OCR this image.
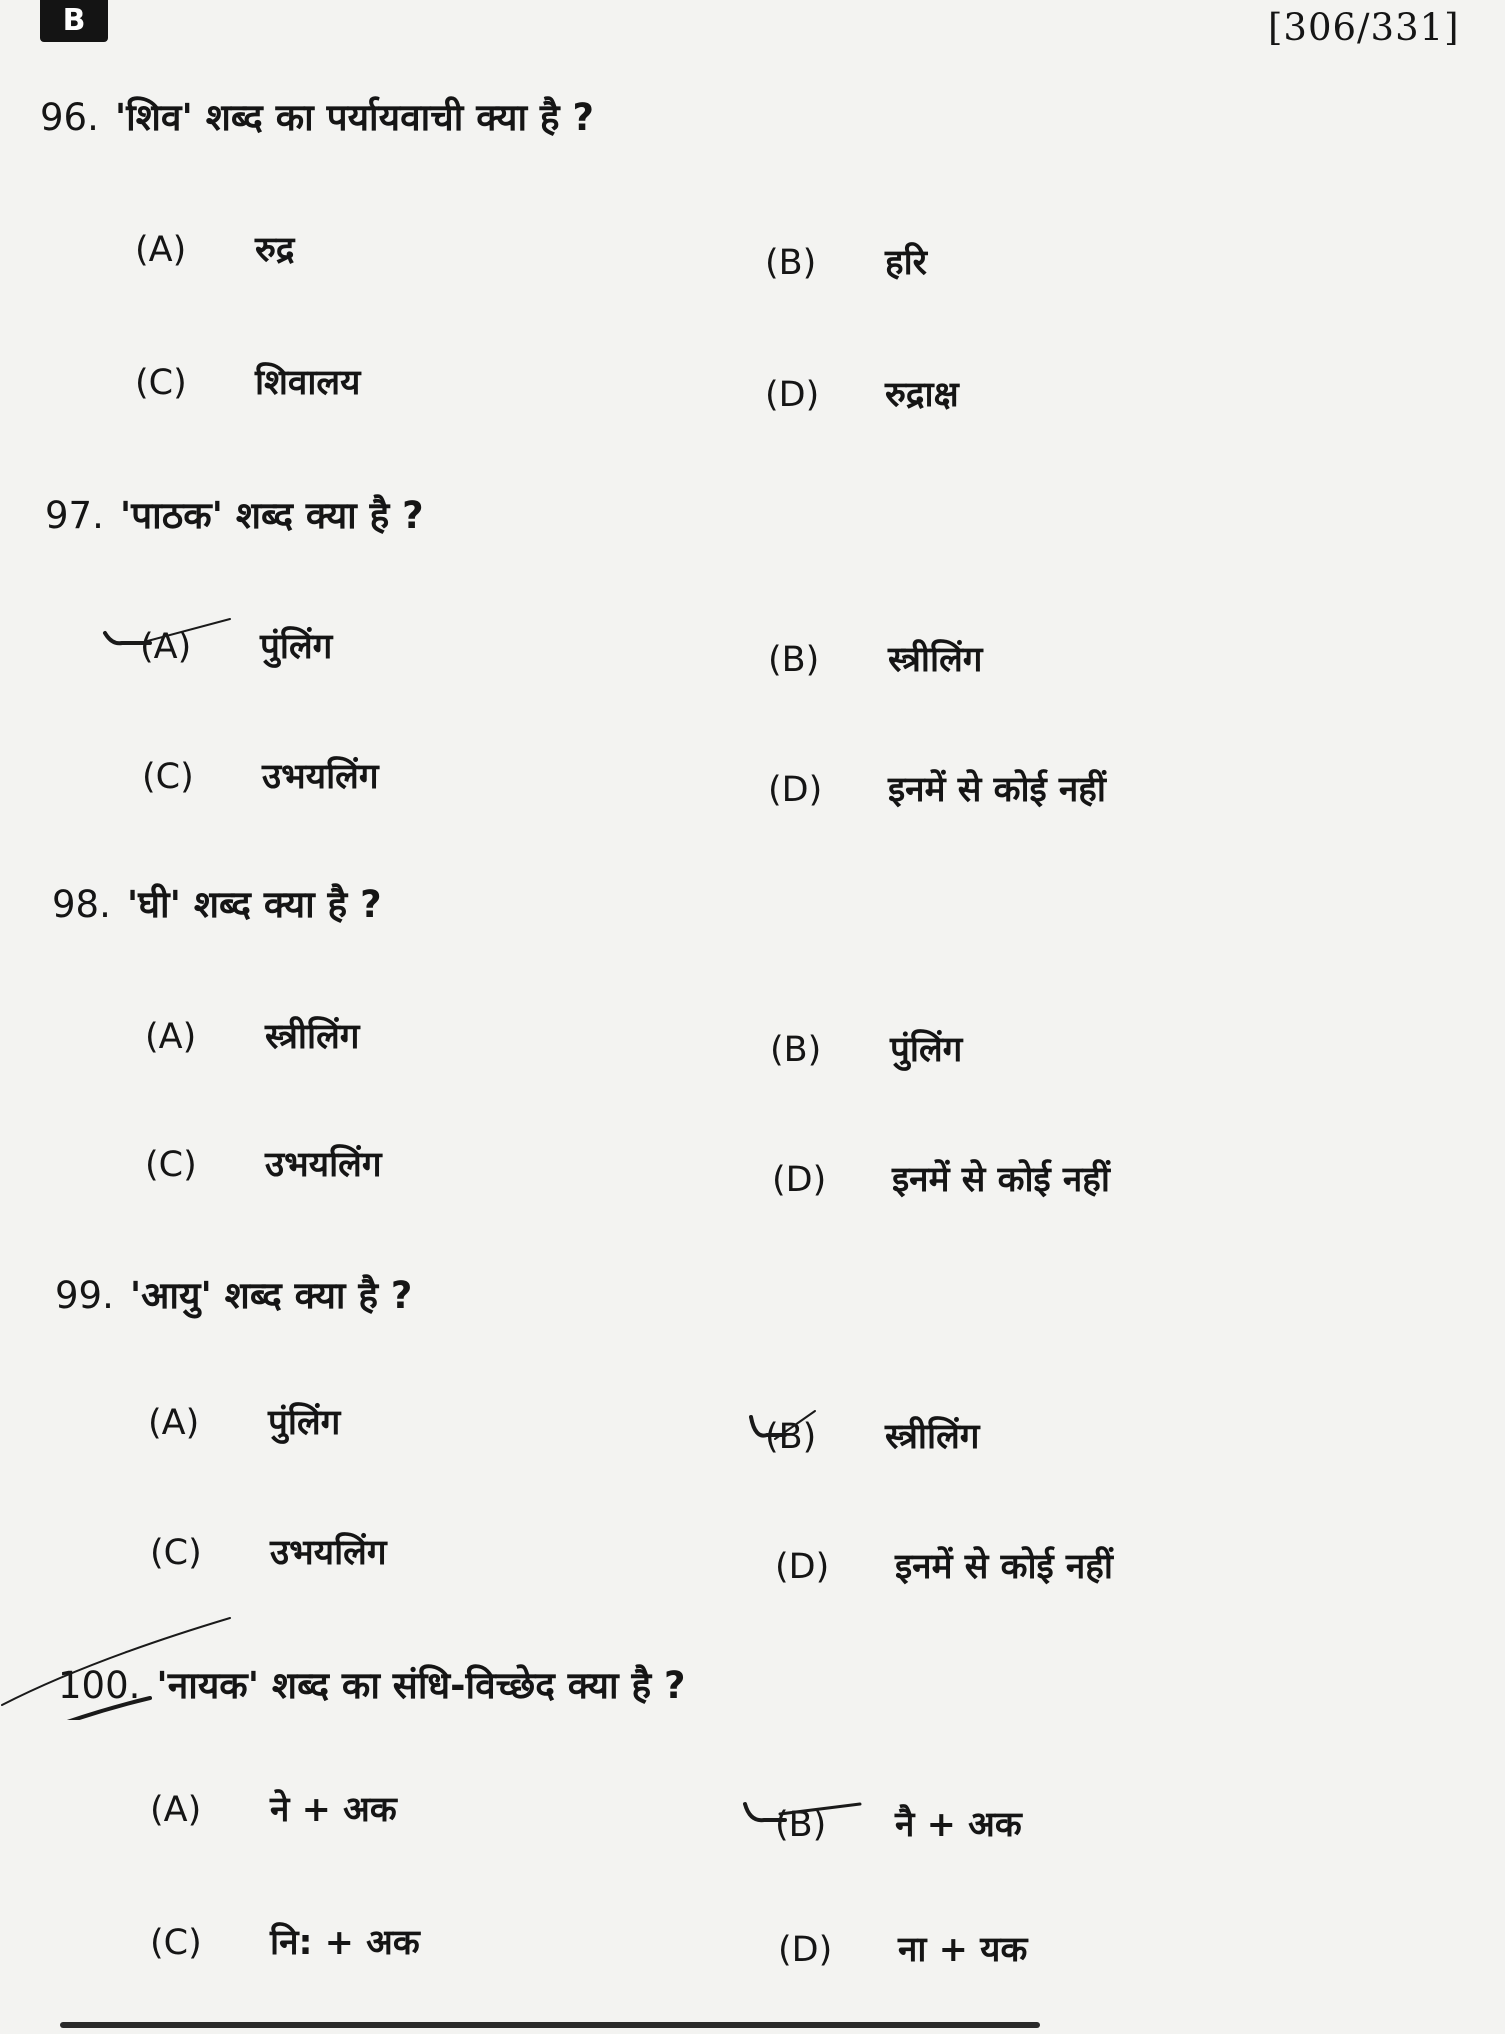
B	[306/331]
96. 'शिव' शब्द का पर्यायवाची क्या है ?
(A) रुद्र	(B) हरि
(C) शिवालय	(D) रुद्राक्ष
97. 'पाठक' शब्द क्या है ?
(A) पुंलिंग	(B) स्त्रीलिंग
(C) उभयलिंग	(D) इनमें से कोई नहीं
98. 'घी' शब्द क्या है ?
(A) स्त्रीलिंग	(B) पुंलिंग
(C) उभयलिंग	(D) इनमें से कोई नहीं
99. 'आयु' शब्द क्या है ?
(A) पुंलिंग	(B) स्त्रीलिंग
(C) उभयलिंग	(D) इनमें से कोई नहीं
100. 'नायक' शब्द का संधि-विच्छेद क्या है ?
(A) ने + अक	(B) नै + अक
(C) नि: + अक	(D) ना + यक
